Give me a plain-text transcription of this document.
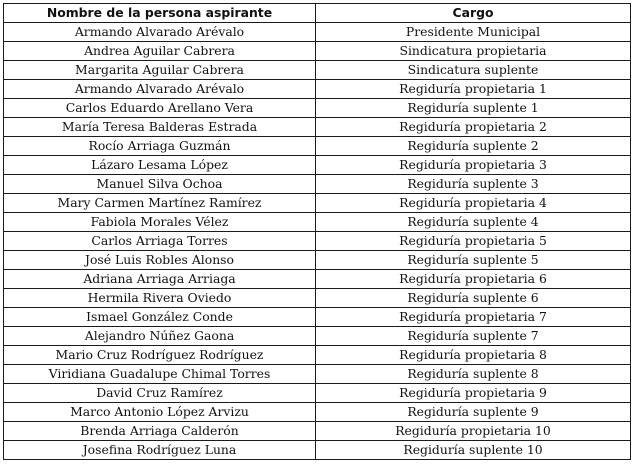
Nombre de la persona aspirante	Cargo
Armando Alvarado Arévalo	Presidente Municipal
Andrea Aguilar Cabrera	Sindicatura propietaria
Margarita Aguilar Cabrera	Sindicatura suplente
Armando Alvarado Arévalo	Regiduría propietaria 1
Carlos Eduardo Arellano Vera	Regiduría suplente 1
María Teresa Balderas Estrada	Regiduría propietaria 2
Rocío Arriaga Guzmán	Regiduría suplente 2
Lázaro Lesama López	Regiduría propietaria 3
Manuel Silva Ochoa	Regiduría suplente 3
Mary Carmen Martínez Ramírez	Regiduría propietaria 4
Fabiola Morales Vélez	Regiduría suplente 4
Carlos Arriaga Torres	Regiduría propietaria 5
José Luis Robles Alonso	Regiduría suplente 5
Adriana Arriaga Arriaga	Regiduría propietaria 6
Hermila Rivera Oviedo	Regiduría suplente 6
Ismael González Conde	Regiduría propietaria 7
Alejandro Núñez Gaona	Regiduría suplente 7
Mario Cruz Rodríguez Rodríguez	Regiduría propietaria 8
Viridiana Guadalupe Chimal Torres	Regiduría suplente 8
David Cruz Ramírez	Regiduría propietaria 9
Marco Antonio López Arvizu	Regiduría suplente 9
Brenda Arriaga Calderón	Regiduría propietaria 10
Josefina Rodríguez Luna	Regiduría suplente 10
